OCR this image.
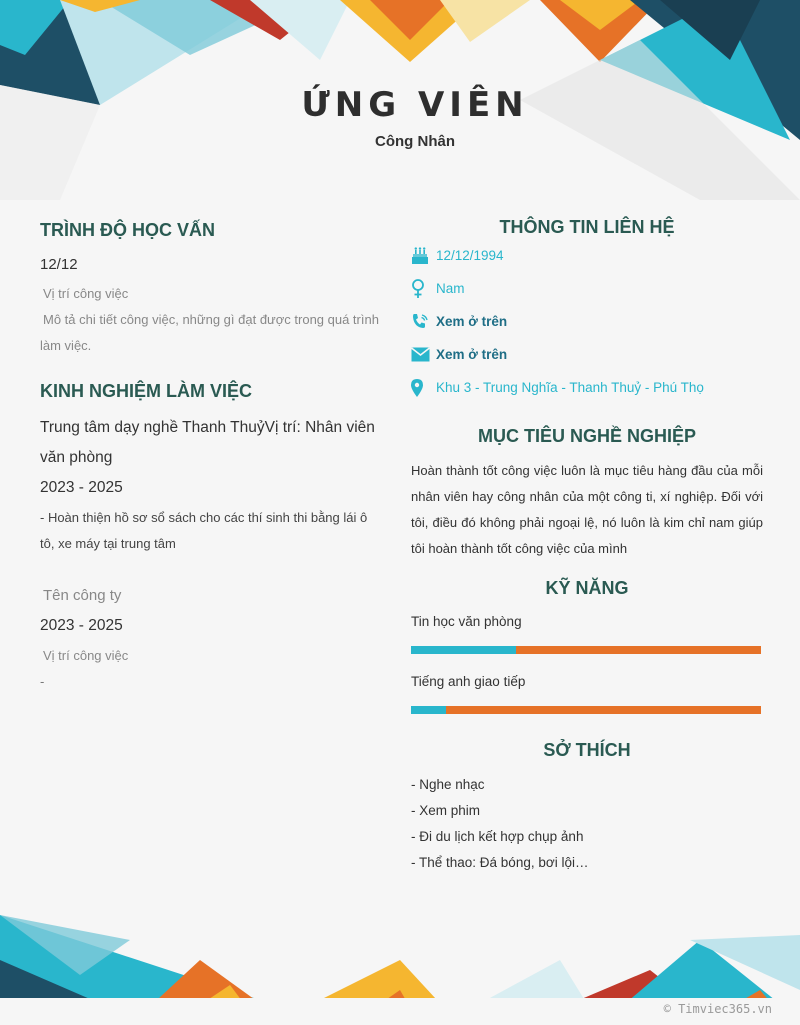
ỨNG VIÊN
Công Nhân
TRÌNH ĐỘ HỌC VẤN
12/12
Vị trí công việc
Mô tả chi tiết công việc, những gì đạt được trong quá trình làm việc.
KINH NGHIỆM LÀM VIỆC
Trung tâm dạy nghề Thanh ThuỷVị trí: Nhân viên văn phòng
2023 - 2025
- Hoàn thiện hồ sơ sổ sách cho các thí sinh thi bằng lái ô tô, xe máy tại trung tâm
Tên công ty
2023 - 2025
Vị trí công việc
-
THÔNG TIN LIÊN HỆ
12/12/1994
Nam
Xem ở trên
Xem ở trên
Khu 3 - Trung Nghĩa - Thanh Thuỷ - Phú Thọ
MỤC TIÊU NGHỀ NGHIỆP
Hoàn thành tốt công việc luôn là mục tiêu hàng đầu của mỗi nhân viên hay công nhân của một công ti, xí nghiệp. Đối với tôi, điều đó không phải ngoại lệ, nó luôn là kim chỉ nam giúp tôi hoàn thành tốt công việc của mình
KỸ NĂNG
Tin học văn phòng
Tiếng anh giao tiếp
SỞ THÍCH
- Nghe nhạc
- Xem phim
- Đi du lịch kết hợp chụp ảnh
- Thể thao: Đá bóng, bơi lội…
© Timviec365.vn
